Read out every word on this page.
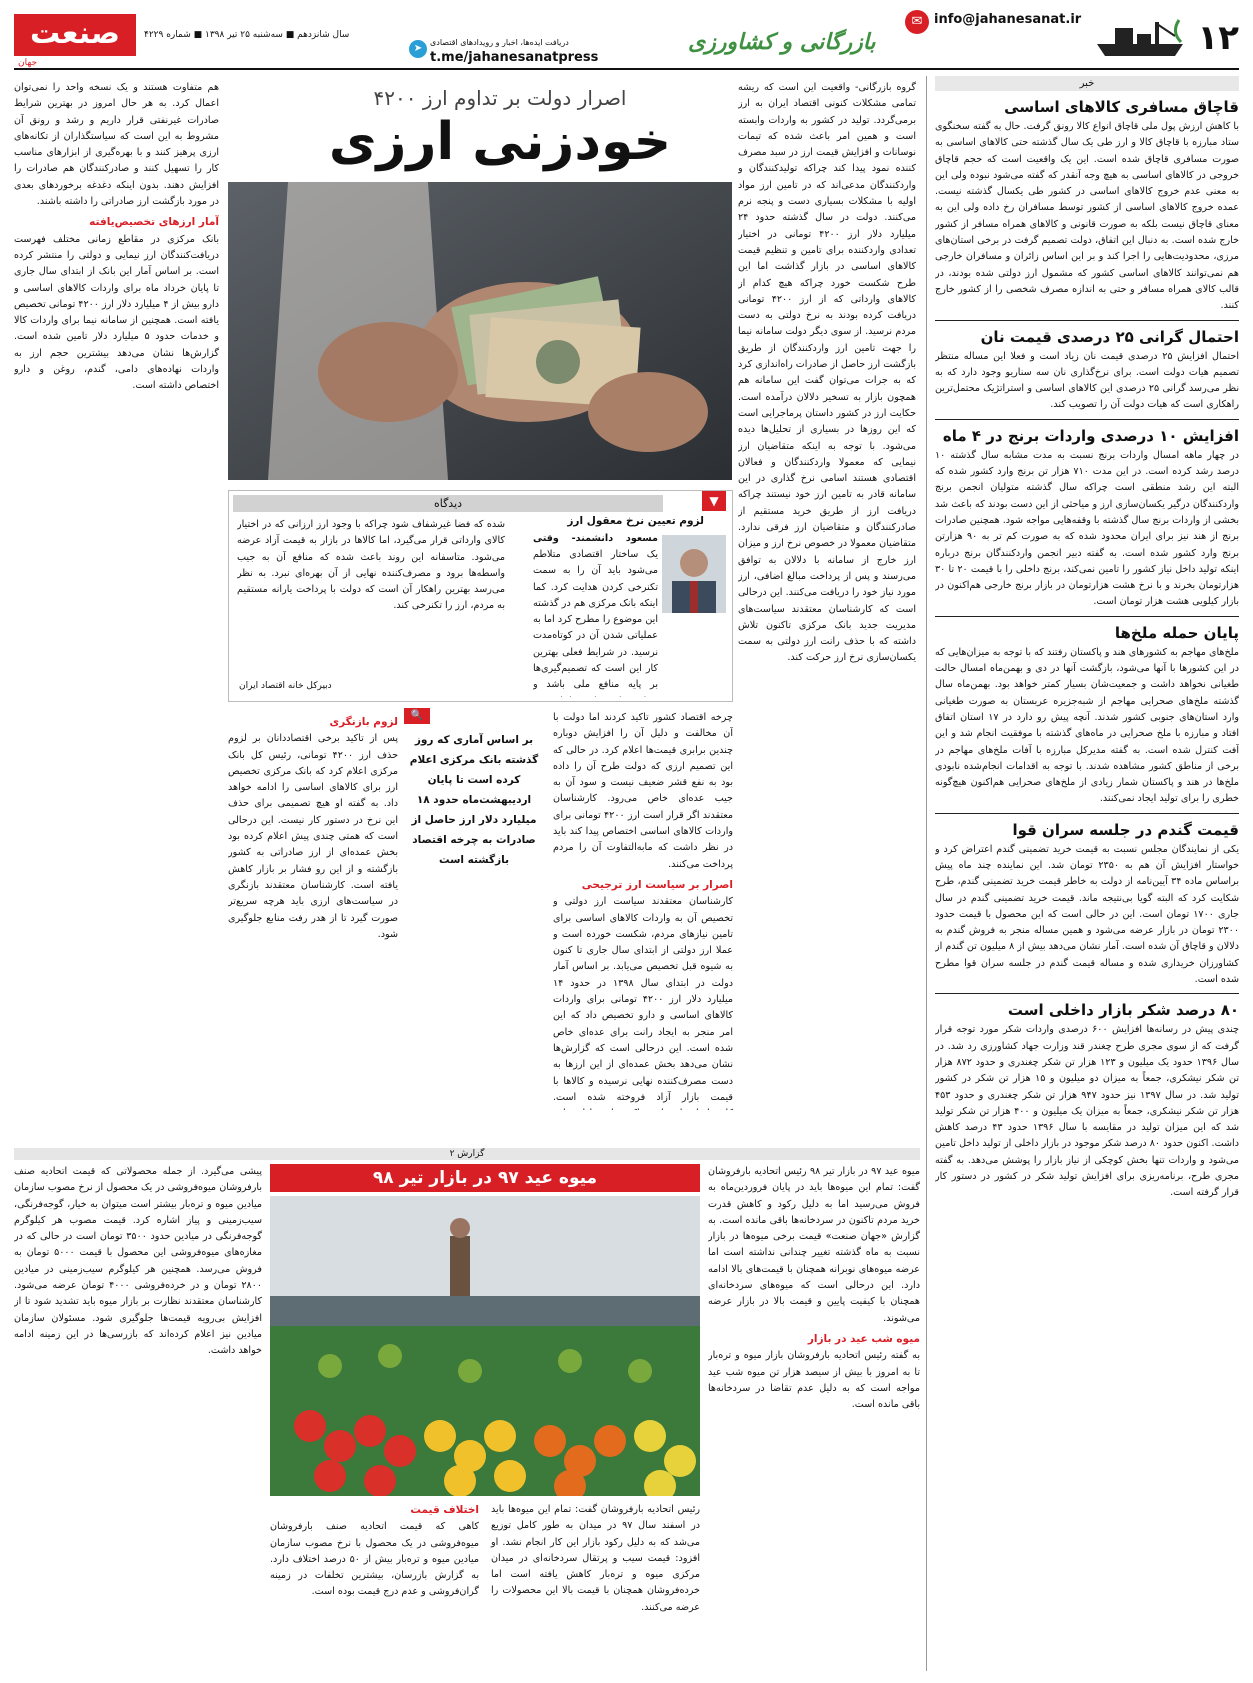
۱۲
✉ info@jahanesanat.ir
بازرگانی و کشاورزی
➤
دریافت ایده‌ها، اخبار و رویدادهای اقتصادی
t.me/jahanesanatpress
سال شانزدهم ■ سه‌شنبه ۲۵ تیر ۱۳۹۸ ■ شماره ۴۲۲۹
صنعت
جهان
خبر
قاچاق مسافری کالاهای اساسی

با کاهش ارزش پول ملی قاچاق انواع کالا رونق گرفت. حال به گفته سخنگوی ستاد مبارزه با قاچاق کالا و ارز طی یک سال گذشته حتی کالاهای اساسی به صورت مسافری قاچاق شده است. این یک واقعیت است که حجم قاچاق خروجی در کالاهای اساسی به هیچ وجه آنقدر که گفته می‌شود نبوده ولی این به معنی عدم خروج کالاهای اساسی در کشور طی یکسال گذشته نیست. عمده خروج کالاهای اساسی از کشور توسط مسافران رخ داده ولی این به معنای قاچاق نیست بلکه به صورت قانونی و کالاهای همراه مسافر از کشور خارج شده است. به دنبال این اتفاق، دولت تصمیم گرفت در برخی استان‌های مرزی، محدودیت‌هایی را اجرا کند و بر این اساس زائران و مسافران خارجی هم نمی‌توانند کالاهای اساسی کشور که مشمول ارز دولتی شده بودند، در قالب کالای همراه مسافر و حتی به اندازه مصرف شخصی را از کشور خارج کنند.

احتمال گرانی ۲۵ درصدی قیمت نان

احتمال افزایش ۲۵ درصدی قیمت نان زیاد است و فعلا این مساله منتظر تصمیم هیات دولت است. برای نرخ‌گذاری نان سه سناریو وجود دارد که به نظر می‌رسد گرانی ۲۵ درصدی این کالاهای اساسی و استراتژیک محتمل‌ترین راهکاری است که هیات دولت آن را تصویب کند.

افزایش ۱۰ درصدی واردات برنج در ۴ ماه

در چهار ماهه امسال واردات برنج نسبت به مدت مشابه سال گذشته ۱۰ درصد رشد کرده است. در این مدت ۷۱۰ هزار تن برنج وارد کشور شده که البته این رشد منطقی است چراکه سال گذشته متولیان انجمن برنج واردکنندگان درگیر یکسان‌سازی ارز و میاحثی از این دست بودند که باعث شد بخشی از واردات برنج سال گذشته با وقفه‌هایی مواجه شود. همچنین صادرات برنج از هند نیز برای ایران محدود شده که به صورت کم تر به ۹۰ هزارتن برنج وارد کشور شده است. به گفته دبیر انجمن واردکنندگان برنج درباره اینکه تولید داخل نیاز کشور را تامین نمی‌کند، برنج داخلی را با قیمت ۲۰ تا ۳۰ هزارتومان بخرند و با نرخ هشت هزارتومان در بازار برنج خارجی هم‌اکنون در بازار کیلویی هشت هزار تومان است.

پایان حمله ملخ‌ها

ملخ‌های مهاجم به کشورهای هند و پاکستان رفتند که با توجه به میزان‌هایی که در این کشورها با آنها می‌شود، بازگشت آنها در دی و بهمن‌ماه امسال حالت طغیانی نخواهد داشت و جمعیت‌شان بسیار کمتر خواهد بود. بهمن‌ماه سال گذشته ملخ‌های صحرایی مهاجم از شبه‌جزیره عربستان به صورت طغیانی وارد استان‌های جنوبی کشور شدند. آنچه پیش رو دارد در ۱۷ استان اتفاق افتاد و مبارزه با ملخ صحرایی در ماه‌های گذشته با موفقیت انجام شد و این آفت کنترل شده است. به گفته مدیرکل مبارزه با آفات ملخ‌های مهاجم در برخی از مناطق کشور مشاهده شدند. با توجه به اقدامات انجام‌شده نابودی ملخ‌ها در هند و پاکستان شمار زیادی از ملخ‌های صحرایی هم‌اکنون هیچ‌گونه خطری را برای تولید ایجاد نمی‌کنند.

قیمت گندم در جلسه سران قوا

یکی از نمایندگان مجلس نسبت به قیمت خرید تضمینی گندم اعتراض کرد و خواستار افزایش آن هم به ۲۳۵۰ تومان شد. این نماینده چند ماه پیش براساس ماده ۳۴ آیین‌نامه از دولت به خاطر قیمت خرید تضمینی گندم، طرح شکایت کرد که البته گویا بی‌نتیجه ماند. قیمت خرید تضمینی گندم در سال جاری ۱۷۰۰ تومان است. این در حالی است که این محصول با قیمت حدود ۲۳۰۰ تومان در بازار عرضه می‌شود و همین مساله منجر به فروش گندم به دلالان و قاچاق آن شده است. آمار نشان می‌دهد بیش از ۸ میلیون تن گندم از کشاورزان خریداری شده و مساله قیمت گندم در جلسه سران قوا مطرح شده است.

۸۰ درصد شکر بازار داخلی است

چندی پیش در رسانه‌ها افزایش ۶۰۰ درصدی واردات شکر مورد توجه قرار گرفت که از سوی مجری طرح چغندر قند وزارت جهاد کشاورزی رد شد. در سال ۱۳۹۶ حدود یک میلیون و ۱۲۳ هزار تن شکر چغندری و حدود ۸۷۲ هزار تن شکر نیشکری، جمعاً به میزان دو میلیون و ۱۵ هزار تن شکر در کشور تولید شد. در سال ۱۳۹۷ نیز حدود ۹۴۷ هزار تن شکر چغندری و حدود ۴۵۳ هزار تن شکر نیشکری، جمعاً به میزان یک میلیون و ۴۰۰ هزار تن شکر تولید شد که این میزان تولید در مقایسه با سال ۱۳۹۶ حدود ۴۳ درصد کاهش داشت. اکنون حدود ۸۰ درصد شکر موجود در بازار داخلی از تولید داخل تامین می‌شود و واردات تنها بخش کوچکی از نیاز بازار را پوشش می‌دهد. به گفته مجری طرح، برنامه‌ریزی برای افزایش تولید شکر در کشور در دستور کار قرار گرفته است.

اصرار دولت بر تداوم ارز ۴۲۰۰
خودزنی ارزی
گروه بازرگانی- واقعیت این است که ریشه تمامی مشکلات کنونی اقتصاد ایران به ارز برمی‌گردد. تولید در کشور به واردات وابسته است و همین امر باعث شده که تیمات نوسانات و افزایش قیمت ارز در سبد مصرف کننده نمود پیدا کند چراکه تولیدکنندگان و واردکنندگان مدعی‌اند که در تامین ارز مواد اولیه با مشکلات بسیاری دست و پنجه نرم می‌کنند. دولت در سال گذشته حدود ۲۴ میلیارد دلار ارز ۴۲۰۰ تومانی در اختیار تعدادی واردکننده برای تامین و تنظیم قیمت کالاهای اساسی در بازار گذاشت اما این طرح شکست خورد چراکه هیچ کدام از کالاهای وارداتی که از ارز ۴۲۰۰ تومانی دریافت کرده بودند به نرخ دولتی به دست مردم نرسید. از سوی دیگر دولت سامانه نیما را جهت تامین ارز واردکنندگان از طریق بازگشت ارز حاصل از صادرات راه‌اندازی کرد که به جرات می‌توان گفت این سامانه هم همچون بازار به تسخیر دلالان درآمده است. حکایت ارز در کشور داستان پرماجرایی است که این روزها در بسیاری از تحلیل‌ها دیده می‌شود. با توجه به اینکه متقاضیان ارز نیمایی که معمولا واردکنندگان و فعالان اقتصادی هستند اسامی نرخ گذاری در این سامانه قادر به تامین ارز خود نیستند چراکه دریافت ارز از طریق خرید مستقیم از صادرکنندگان و متقاضیان ارز فرقی ندارد. متقاضیان معمولا در خصوص نرخ ارز و میزان ارز خارج از سامانه با دلالان به توافق می‌رسند و پس از پرداخت مبالغ اضافی، ارز مورد نیاز خود را دریافت می‌کنند. این درحالی است که کارشناسان معتقدند سیاست‌های مدیریت جدید بانک مرکزی تاکنون تلاش داشته که با حذف رانت ارز دولتی به سمت یکسان‌سازی نرخ ارز حرکت کند.
دیدگاه	▼
لزوم تعیین نرخ معقول ارز
مسعود دانشمند- وقتی
یک ساختار اقتصادی متلاطم می‌شود باید آن را به سمت تکنرخی کردن هدایت کرد. کما اینکه بانک مرکزی هم در گذشته این موضوع را مطرح کرد اما به عملیاتی شدن آن در کوتاه‌مدت نرسید. در شرایط فعلی بهترین کار این است که تصمیم‌گیری‌ها بر پایه منافع ملی باشد و
شده که فضا غیرشفاف شود چراکه با وجود ارز ارزانی که در اختیار کالای وارداتی قرار می‌گیرد، اما کالاها در بازار به قیمت آزاد عرضه می‌شود. متاسفانه این روند باعث شده که منافع آن به جیب واسطه‌ها برود و مصرف‌کننده نهایی از آن بهره‌ای نبرد. به نظر می‌رسد بهترین راهکار آن است که دولت با پرداخت یارانه مستقیم به مردم، ارز را تکنرخی کند.
دبیرکل خانه اقتصاد ایران

چرخه اقتصاد کشور تاکید کردند اما دولت با آن مخالفت و دلیل آن را افزایش دوباره چندین برابری قیمت‌ها اعلام کرد. در حالی که این تصمیم ارزی که دولت طرح آن را داده بود به نفع قشر ضعیف نیست و سود آن به جیب عده‌ای خاص می‌رود. کارشناسان معتقدند اگر قرار است ارز ۴۲۰۰ تومانی برای واردات کالاهای اساسی اختصاص پیدا کند باید در نظر داشت که مابه‌التفاوت آن را مردم پرداخت می‌کنند.

اصرار بر سیاست ارز ترجیحی

کارشناسان معتقدند سیاست ارز دولتی و تخصیص آن به واردات کالاهای اساسی برای تامین نیازهای مردم، شکست خورده است و عملا ارز دولتی از ابتدای سال جاری تا کنون به شیوه قبل تخصیص می‌یابد. بر اساس آمار دولت در ابتدای سال ۱۳۹۸ در حدود ۱۴ میلیارد دلار ارز ۴۲۰۰ تومانی برای واردات کالاهای اساسی و دارو تخصیص داد که این امر منجر به ایجاد رانت برای عده‌ای خاص شده است. این درحالی است که گزارش‌ها نشان می‌دهد بخش عمده‌ای از این ارزها به دست مصرف‌کننده نهایی نرسیده و کالاها با قیمت بازار آزاد فروخته شده است.

🔍
بر اساس آماری که روز گذشته بانک مرکزی اعلام کرده است تا پایان اردیبهشت‌ماه حدود ۱۸ میلیارد دلار ارز حاصل از صادرات به چرخه اقتصاد بازگشته است
لزوم بازنگری

پس از تاکید برخی اقتصاددانان بر لزوم حذف ارز ۴۲۰۰ تومانی، رئیس کل بانک مرکزی اعلام کرد که بانک مرکزی تخصیص ارز برای کالاهای اساسی را ادامه خواهد داد. به گفته او هیچ تصمیمی برای حذف این نرخ در دستور کار نیست. این درحالی است که همتی چندی پیش اعلام کرده بود بخش عمده‌ای از ارز صادراتی به کشور بازگشته و از این رو فشار بر بازار کاهش یافته است. کارشناسان معتقدند بازنگری در سیاست‌های ارزی باید هرچه سریع‌تر صورت گیرد تا از هدر رفت منابع جلوگیری شود.

هم متفاوت هستند و یک نسخه واحد را نمی‌توان اعمال کرد. به هر حال امروز در بهترین شرایط صادرات غیرنفتی قرار داریم و رشد و رونق آن مشروط به این است که سیاستگذاران از تکانه‌های ارزی پرهیز کنند و با بهره‌گیری از ابزارهای مناسب کار را تسهیل کنند و صادرکنندگان هم صادرات را افزایش دهند. بدون اینکه دغدغه برخوردهای بعدی در مورد بازگشت ارز صادراتی را داشته باشند.

آمار ارزهای تخصیص‌یافته

بانک مرکزی در مقاطع زمانی مختلف فهرست دریافت‌کنندگان ارز نیمایی و دولتی را منتشر کرده است. بر اساس آمار این بانک از ابتدای سال جاری تا پایان خرداد ماه برای واردات کالاهای اساسی و دارو بیش از ۴ میلیارد دلار ارز ۴۲۰۰ تومانی تخصیص یافته است. همچنین از سامانه نیما برای واردات کالا و خدمات حدود ۵ میلیارد دلار تامین شده است. گزارش‌ها نشان می‌دهد بیشترین حجم ارز به واردات نهاده‌های دامی، گندم، روغن و دارو اختصاص داشته است.

گزارش ۲
میوه عید ۹۷ در بازار تیر ۹۸	میوه عید ۹۷ در بازار تیر ۹۸ رئیس اتحادیه بارفروشان گفت: تمام این میوه‌ها باید در پایان فروردین‌ماه به فروش می‌رسید اما به دلیل رکود و کاهش قدرت خرید مردم تاکنون در سردخانه‌ها باقی مانده است. به گزارش «جهان صنعت» قیمت برخی میوه‌ها در بازار نسبت به ماه گذشته تغییر چندانی نداشته است اما عرضه میوه‌های نوبرانه همچنان با قیمت‌های بالا ادامه دارد. این درحالی است که میوه‌های سردخانه‌ای همچنان با کیفیت پایین و قیمت بالا در بازار عرضه می‌شوند.

میوه شب عید در بازار

به گفته رئیس اتحادیه بارفروشان بازار میوه و تره‌بار تا به امروز با بیش از سیصد هزار تن میوه شب عید مواجه است که به دلیل عدم تقاضا در سردخانه‌ها باقی مانده است.

رئیس اتحادیه بارفروشان گفت: تمام این میوه‌ها باید در اسفند سال ۹۷ در میدان به طور کامل توزیع می‌شد که به دلیل رکود بازار این کار انجام نشد. او افزود: قیمت سیب و پرتقال سردخانه‌ای در میدان مرکزی میوه و تره‌بار کاهش یافته است اما خرده‌فروشان همچنان با قیمت بالا این محصولات را عرضه می‌کنند.

اختلاف قیمت

کاهی که قیمت اتحادیه صنف بارفروشان میوه‌فروشی در یک محصول با نرخ مصوب سازمان میادین میوه و تره‌بار بیش از ۵۰ درصد اختلاف دارد. به گزارش بازرسان، بیشترین تخلفات در زمینه گران‌فروشی و عدم درج قیمت بوده است.

پیشی می‌گیرد. از جمله محصولاتی که قیمت اتحادیه صنف بارفروشان میوه‌فروشی در یک محصول از نرخ مصوب سازمان میادین میوه و تره‌بار بیشتر است میتوان به خیار، گوجه‌فرنگی، سیب‌زمینی و پیاز اشاره کرد. قیمت مصوب هر کیلوگرم گوجه‌فرنگی در میادین حدود ۳۵۰۰ تومان است در حالی که در مغازه‌های میوه‌فروشی این محصول با قیمت ۵۰۰۰ تومان به فروش می‌رسد. همچنین هر کیلوگرم سیب‌زمینی در میادین ۲۸۰۰ تومان و در خرده‌فروشی ۴۰۰۰ تومان عرضه می‌شود. کارشناسان معتقدند نظارت بر بازار میوه باید تشدید شود تا از افزایش بی‌رویه قیمت‌ها جلوگیری شود. مسئولان سازمان میادین نیز اعلام کرده‌اند که بازرسی‌ها در این زمینه ادامه خواهد داشت.
